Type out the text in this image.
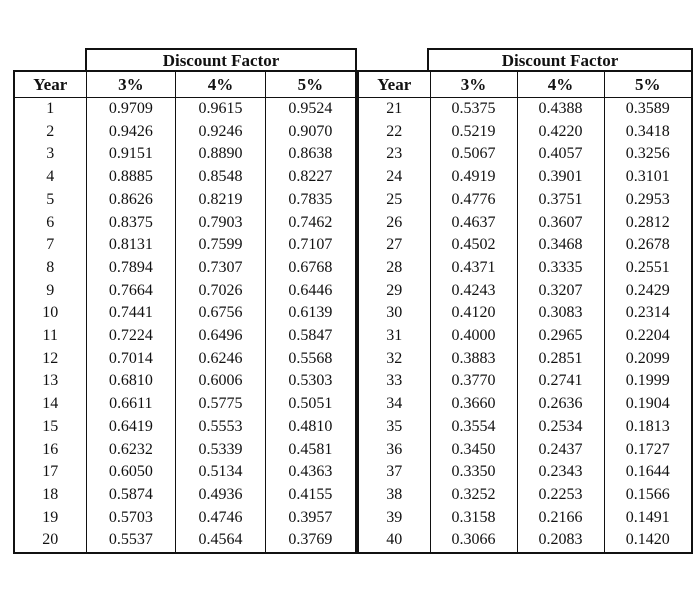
Discount Factor	Discount Factor
Year	3%	4%	5%
1	0.9709	0.9615	0.9524
2	0.9426	0.9246	0.9070
3	0.9151	0.8890	0.8638
4	0.8885	0.8548	0.8227
5	0.8626	0.8219	0.7835
6	0.8375	0.7903	0.7462
7	0.8131	0.7599	0.7107
8	0.7894	0.7307	0.6768
9	0.7664	0.7026	0.6446
10	0.7441	0.6756	0.6139
11	0.7224	0.6496	0.5847
12	0.7014	0.6246	0.5568
13	0.6810	0.6006	0.5303
14	0.6611	0.5775	0.5051
15	0.6419	0.5553	0.4810
16	0.6232	0.5339	0.4581
17	0.6050	0.5134	0.4363
18	0.5874	0.4936	0.4155
19	0.5703	0.4746	0.3957
20	0.5537	0.4564	0.3769
Year	3%	4%	5%
21	0.5375	0.4388	0.3589
22	0.5219	0.4220	0.3418
23	0.5067	0.4057	0.3256
24	0.4919	0.3901	0.3101
25	0.4776	0.3751	0.2953
26	0.4637	0.3607	0.2812
27	0.4502	0.3468	0.2678
28	0.4371	0.3335	0.2551
29	0.4243	0.3207	0.2429
30	0.4120	0.3083	0.2314
31	0.4000	0.2965	0.2204
32	0.3883	0.2851	0.2099
33	0.3770	0.2741	0.1999
34	0.3660	0.2636	0.1904
35	0.3554	0.2534	0.1813
36	0.3450	0.2437	0.1727
37	0.3350	0.2343	0.1644
38	0.3252	0.2253	0.1566
39	0.3158	0.2166	0.1491
40	0.3066	0.2083	0.1420
